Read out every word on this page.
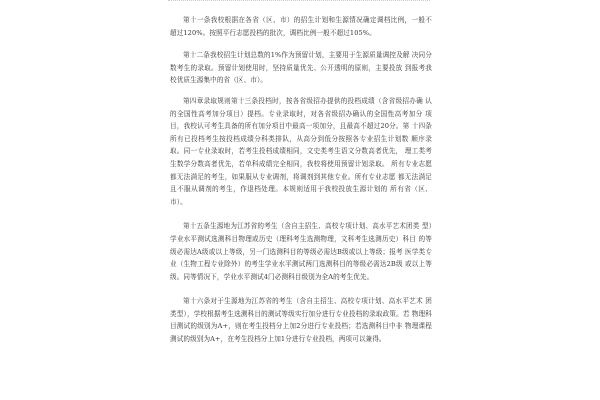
第十一条我校根据在各省（区、市）的招生计划和生源情况确定调档比例，一般不 超过120%。按照平行志愿投档的批次，调档比例一般不超过105%。

第十二条我校招生计划总数的1%作为预留计划，主要用于生源质量调控及解 决同分数考生的录取。预留计划使用时，坚持质量优先、公开透明的原则，主要投放 到报考我校优质生源集中的省（区、市）。

第四章录取规则第十三条投档时，按各省级招办提供的投档成绩（含省级招办确 认的全国性高考加分项目）提档。专业录取时，对各省级招办确认的全国性高考加分 项目，我校认可考生具备的所有加分项目中最高一项加分，且最高不超过20分。第 十四条所有已投档考生按投档成绩分科类排队，从高分到低分按照各专业招生计划数 顺序录取。同一专业录取时，若考生投档成绩相同，文史类考生语文分数高者优先， 理工类考生数学分数高者优先，若单科成绩完全相同，我校将使用预留计划录取。 所有专业志愿都无法满足的考生，如果服从专业调剂，将调剂到其他专业。所有专业志愿 都无法满足且不服从调剂的考生，作退档处理。本规则适用于我校投放生源计划的 所有省（区、市）。

第十五条生源地为江苏省的考生（含自主招生、高校专项计划、高水平艺术团类 型）学业水平测试选测科目物理或历史（理科考生选测物理，文科考生选测历史）科目 的等级必需达A级或以上等级，另一门选测科目的等级必需达B级或以上等级；报考 医学类专业（生物工程专业除外）的考生学业水平测试两门选测科目的等级必需达2B级 或以上等级。同等情况下，学业水平测试4门必测科目级别为全A的考生优先。

第十六条对于生源地为江苏省的考生（含自主招生、高校专项计划、高水平艺术 团类型），学校根据考生选测科目的测试等级实行加分进行专业投档的录取政策。若 物理科目测试的级别为A+，则在考生投档分上加2分进行专业投档；若选测科目中非 物理课程测试的级别为A+，在考生投档分上加1分进行专业投档，两项可以兼得。
